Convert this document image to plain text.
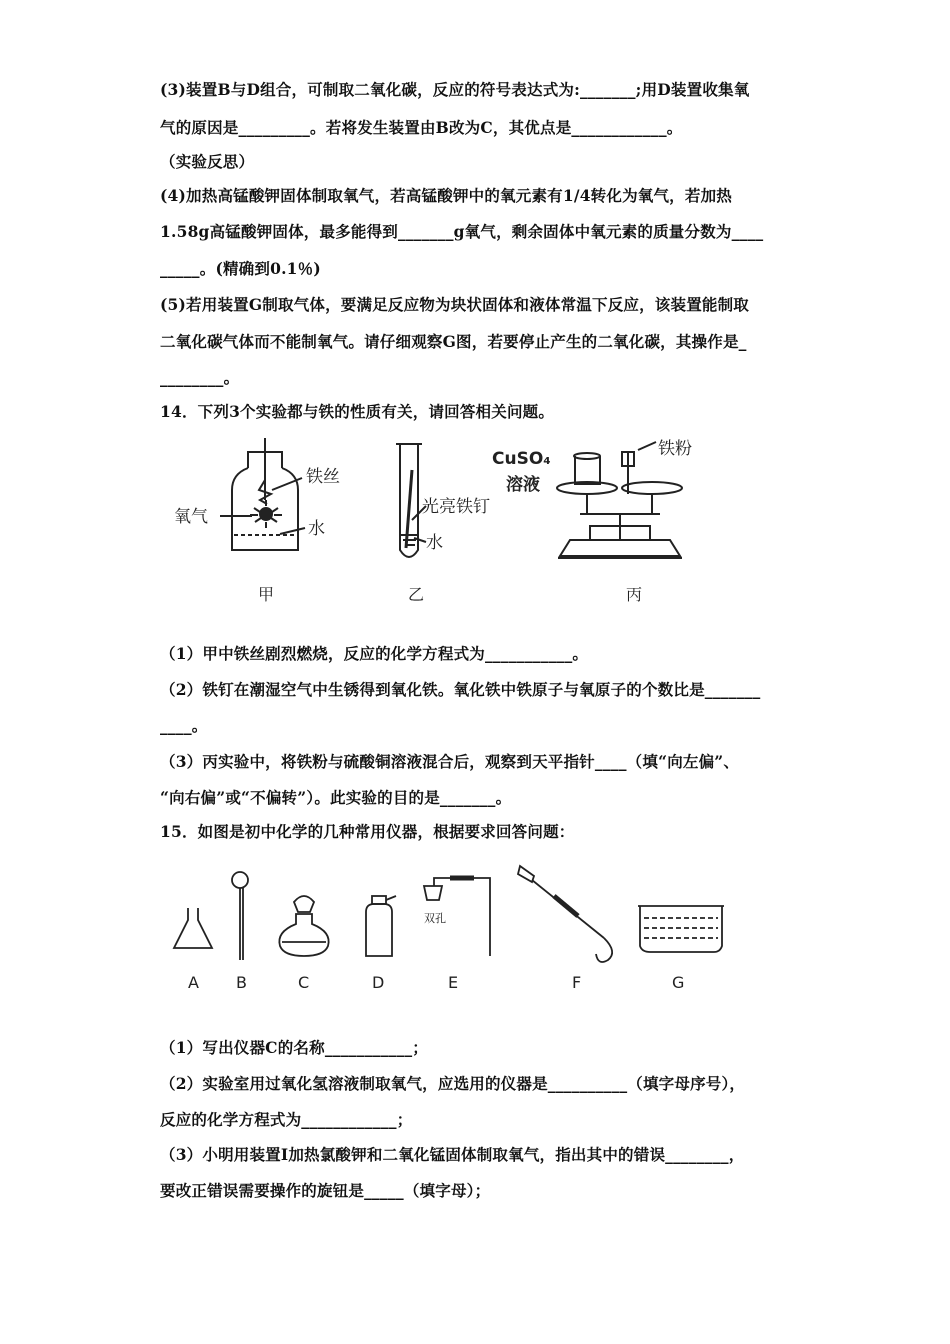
(3)装置B与D组合，可制取二氧化碳，反应的符号表达式为:_______;用D装置收集氧
气的原因是_________。若将发生装置由B改为C，其优点是____________。
（实验反思）
(4)加热高锰酸钾固体制取氧气，若高锰酸钾中的氧元素有1/4转化为氧气，若加热
1.58g高锰酸钾固体，最多能得到_______g氧气，剩余固体中氧元素的质量分数为____
_____。(精确到0.1％)
(5)若用装置G制取气体，要满足反应物为块状固体和液体常温下反应，该装置能制取
二氧化碳气体而不能制氧气。请仔细观察G图，若要停止产生的二氧化碳，其操作是_
________。
14．下列3个实验都与铁的性质有关，请回答相关问题。
氧气
铁丝
水
光亮铁钉
水
CuSO₄
溶液
铁粉
甲	乙	丙
（1）甲中铁丝剧烈燃烧，反应的化学方程式为___________。
（2）铁钉在潮湿空气中生锈得到氧化铁。氧化铁中铁原子与氧原子的个数比是_______
____。
（3）丙实验中，将铁粉与硫酸铜溶液混合后，观察到天平指针____（填“向左偏”、
“向右偏”或“不偏转”）。此实验的目的是_______。
15．如图是初中化学的几种常用仪器，根据要求回答问题：
双孔
A B	C	D	E	F	G
（1）写出仪器C的名称___________；
（2）实验室用过氧化氢溶液制取氧气，应选用的仪器是__________（填字母序号），
反应的化学方程式为____________；
（3）小明用装置Ⅰ加热氯酸钾和二氧化锰固体制取氧气，指出其中的错误________，
要改正错误需要操作的旋钮是_____（填字母）；
